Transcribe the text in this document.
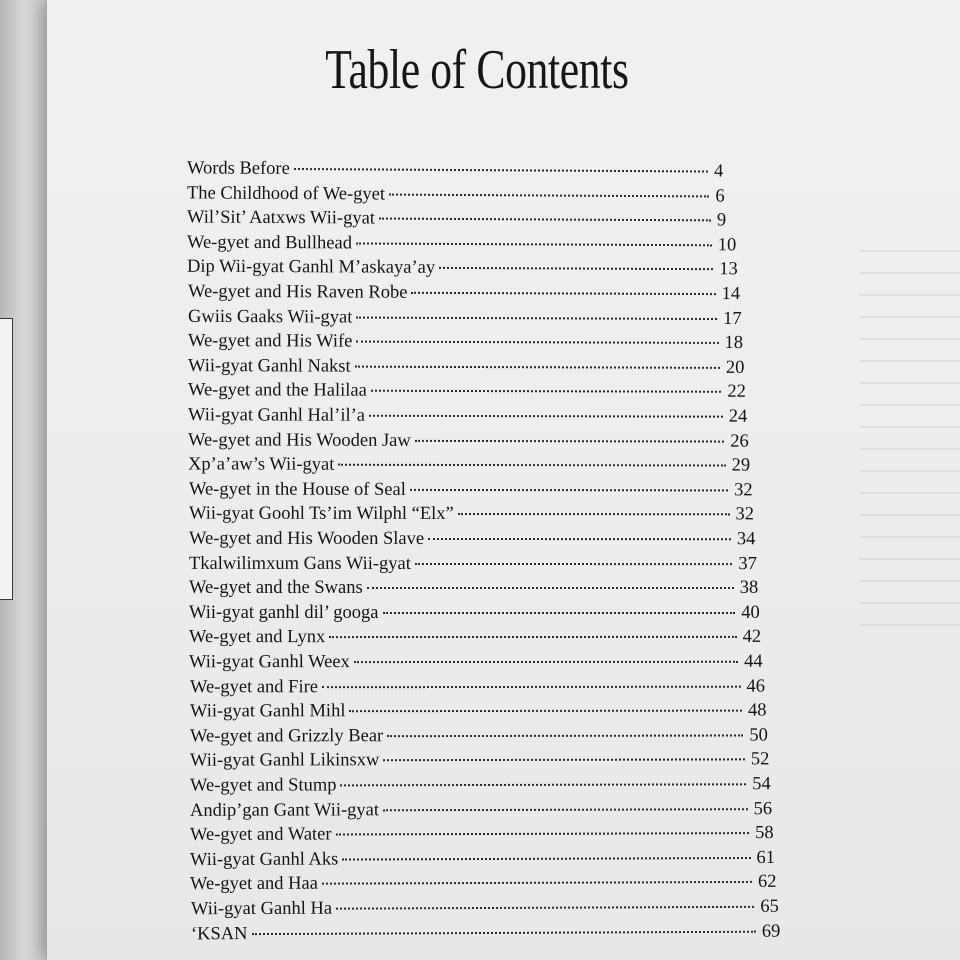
Table of Contents
Words Before	4
The Childhood of We-gyet	6
Wil’Sit’ Aatxws Wii-gyat	9
We-gyet and Bullhead	10
Dip Wii-gyat Ganhl M’askaya’ay	13
We-gyet and His Raven Robe	14
Gwiis Gaaks Wii-gyat	17
We-gyet and His Wife	18
Wii-gyat Ganhl Nakst	20
We-gyet and the Halilaa	22
Wii-gyat Ganhl Hal’il’a	24
We-gyet and His Wooden Jaw	26
Xp’a’aw’s Wii-gyat	29
We-gyet in the House of Seal	32
Wii-gyat Goohl Ts’im Wilphl “Elx”	32
We-gyet and His Wooden Slave	34
Tkalwilimxum Gans Wii-gyat	37
We-gyet and the Swans	38
Wii-gyat ganhl dil’ googa	40
We-gyet and Lynx	42
Wii-gyat Ganhl Weex	44
We-gyet and Fire	46
Wii-gyat Ganhl Mihl	48
We-gyet and Grizzly Bear	50
Wii-gyat Ganhl Likinsxw	52
We-gyet and Stump	54
Andip’gan Gant Wii-gyat	56
We-gyet and Water	58
Wii-gyat Ganhl Aks	61
We-gyet and Haa	62
Wii-gyat Ganhl Ha	65
‘KSAN	69
